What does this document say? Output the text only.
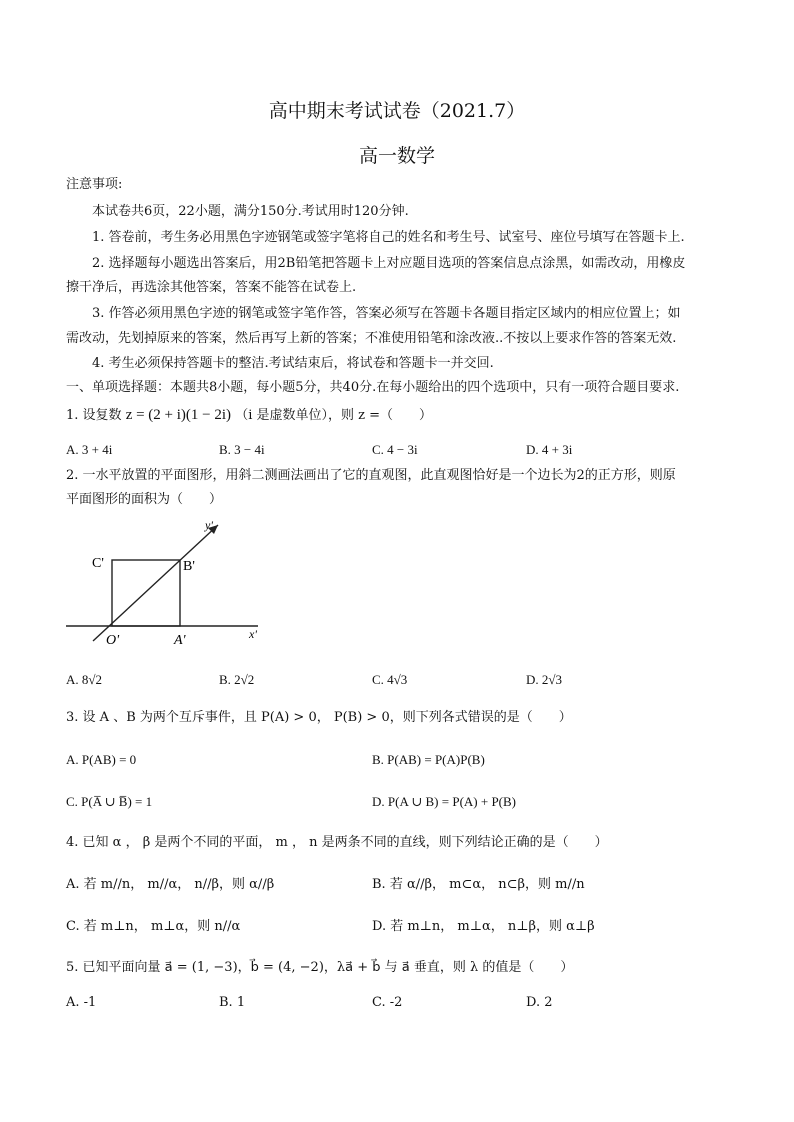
高中期末考试试卷（2021.7）
高一数学
注意事项:
本试卷共6页，22小题，满分150分.考试用时120分钟.
1. 答卷前，考生务必用黑色字迹钢笔或签字笔将自己的姓名和考生号、试室号、座位号填写在答题卡上.
2. 选择题每小题选出答案后，用2B铅笔把答题卡上对应题目选项的答案信息点涂黑，如需改动，用橡皮
擦干净后，再选涂其他答案，答案不能答在试卷上.
3. 作答必须用黑色字迹的钢笔或签字笔作答，答案必须写在答题卡各题目指定区域内的相应位置上；如
需改动，先划掉原来的答案，然后再写上新的答案；不准使用铅笔和涂改液..不按以上要求作答的答案无效.
4. 考生必须保持答题卡的整洁.考试结束后，将试卷和答题卡一并交回.
一、单项选择题：本题共8小题，每小题5分，共40分.在每小题给出的四个选项中，只有一项符合题目要求.
1. 设复数 z = (2 + i)(1 − 2i) （i 是虚数单位），则 z =（　　）
A. 3 + 4i	B. 3 − 4i	C. 4 − 3i	D. 4 + 3i
2. 一水平放置的平面图形，用斜二测画法画出了它的直观图，此直观图恰好是一个边长为2的正方形，则原
平面图形的面积为（　　）
C'	B'
O'	A'	x'
y'
A. 8√2	B. 2√2	C. 4√3	D. 2√3
3. 设 A 、B 为两个互斥事件，且 P(A) > 0， P(B) > 0，则下列各式错误的是（　　）
A. P(AB) = 0	B. P(AB) = P(A)P(B)
C. P(A̅ ∪ B̅) = 1	D. P(A ∪ B) = P(A) + P(B)
4. 已知 α ， β 是两个不同的平面， m ， n 是两条不同的直线，则下列结论正确的是（　　）
A. 若 m//n， m//α， n//β，则 α//β	B. 若 α//β， m⊂α， n⊂β，则 m//n
C. 若 m⊥n， m⊥α，则 n//α	D. 若 m⊥n， m⊥α， n⊥β，则 α⊥β
5. 已知平面向量 a⃗ = (1, −3)，b⃗ = (4, −2)，λa⃗ + b⃗ 与 a⃗ 垂直，则 λ 的值是（　　）
A. -1	B. 1	C. -2	D. 2
